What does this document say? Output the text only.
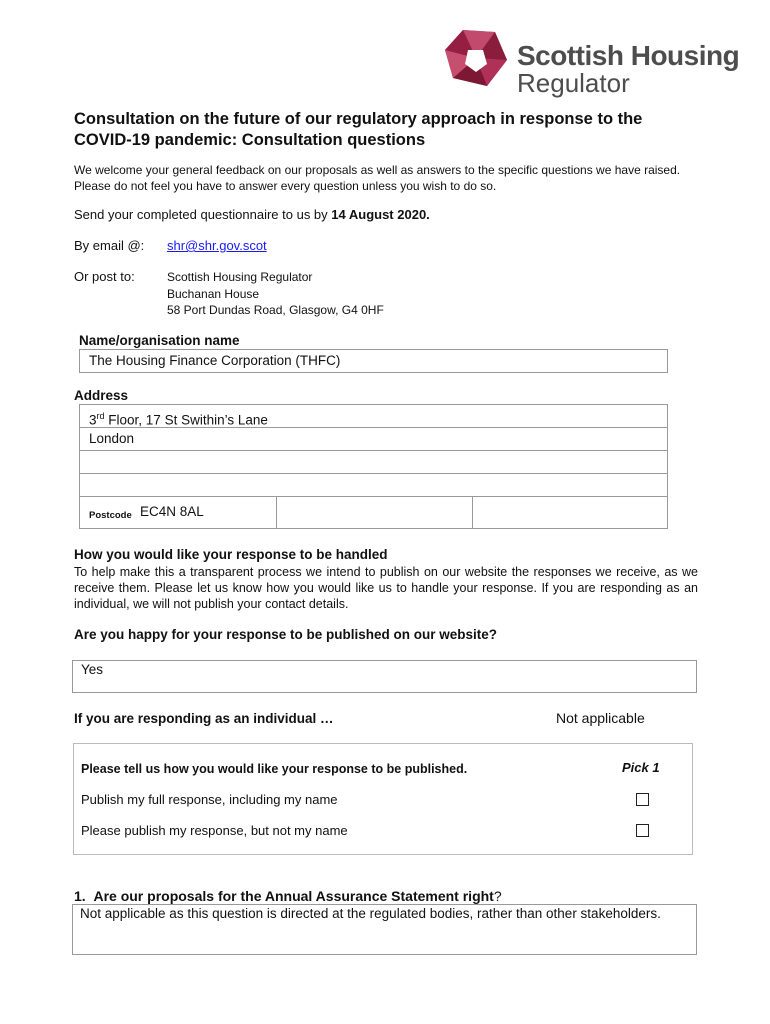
Scottish Housing
Regulator
Consultation on the future of our regulatory approach in response to the COVID-19 pandemic: Consultation questions
We welcome your general feedback on our proposals as well as answers to the specific questions we have raised. Please do not feel you have to answer every question unless you wish to do so.
Send your completed questionnaire to us by 14 August 2020.
By email @: shr@shr.gov.scot
Or post to:	Scottish Housing Regulator
Buchanan House
58 Port Dundas Road, Glasgow, G4 0HF
Name/organisation name
The Housing Finance Corporation (THFC)
Address
3rd Floor, 17 St Swithin’s Lane
London
Postcode EC4N 8AL
How you would like your response to be handled
To help make this a transparent process we intend to publish on our website the responses we receive, as we receive them. Please let us know how you would like us to handle your response. If you are responding as an individual, we will not publish your contact details.
Are you happy for your response to be published on our website?
Yes
If you are responding as an individual …	Not applicable
Please tell us how you would like your response to be published.	Pick 1
Publish my full response, including my name
Please publish my response, but not my name
1. Are our proposals for the Annual Assurance Statement right?
Not applicable as this question is directed at the regulated bodies, rather than other stakeholders.
